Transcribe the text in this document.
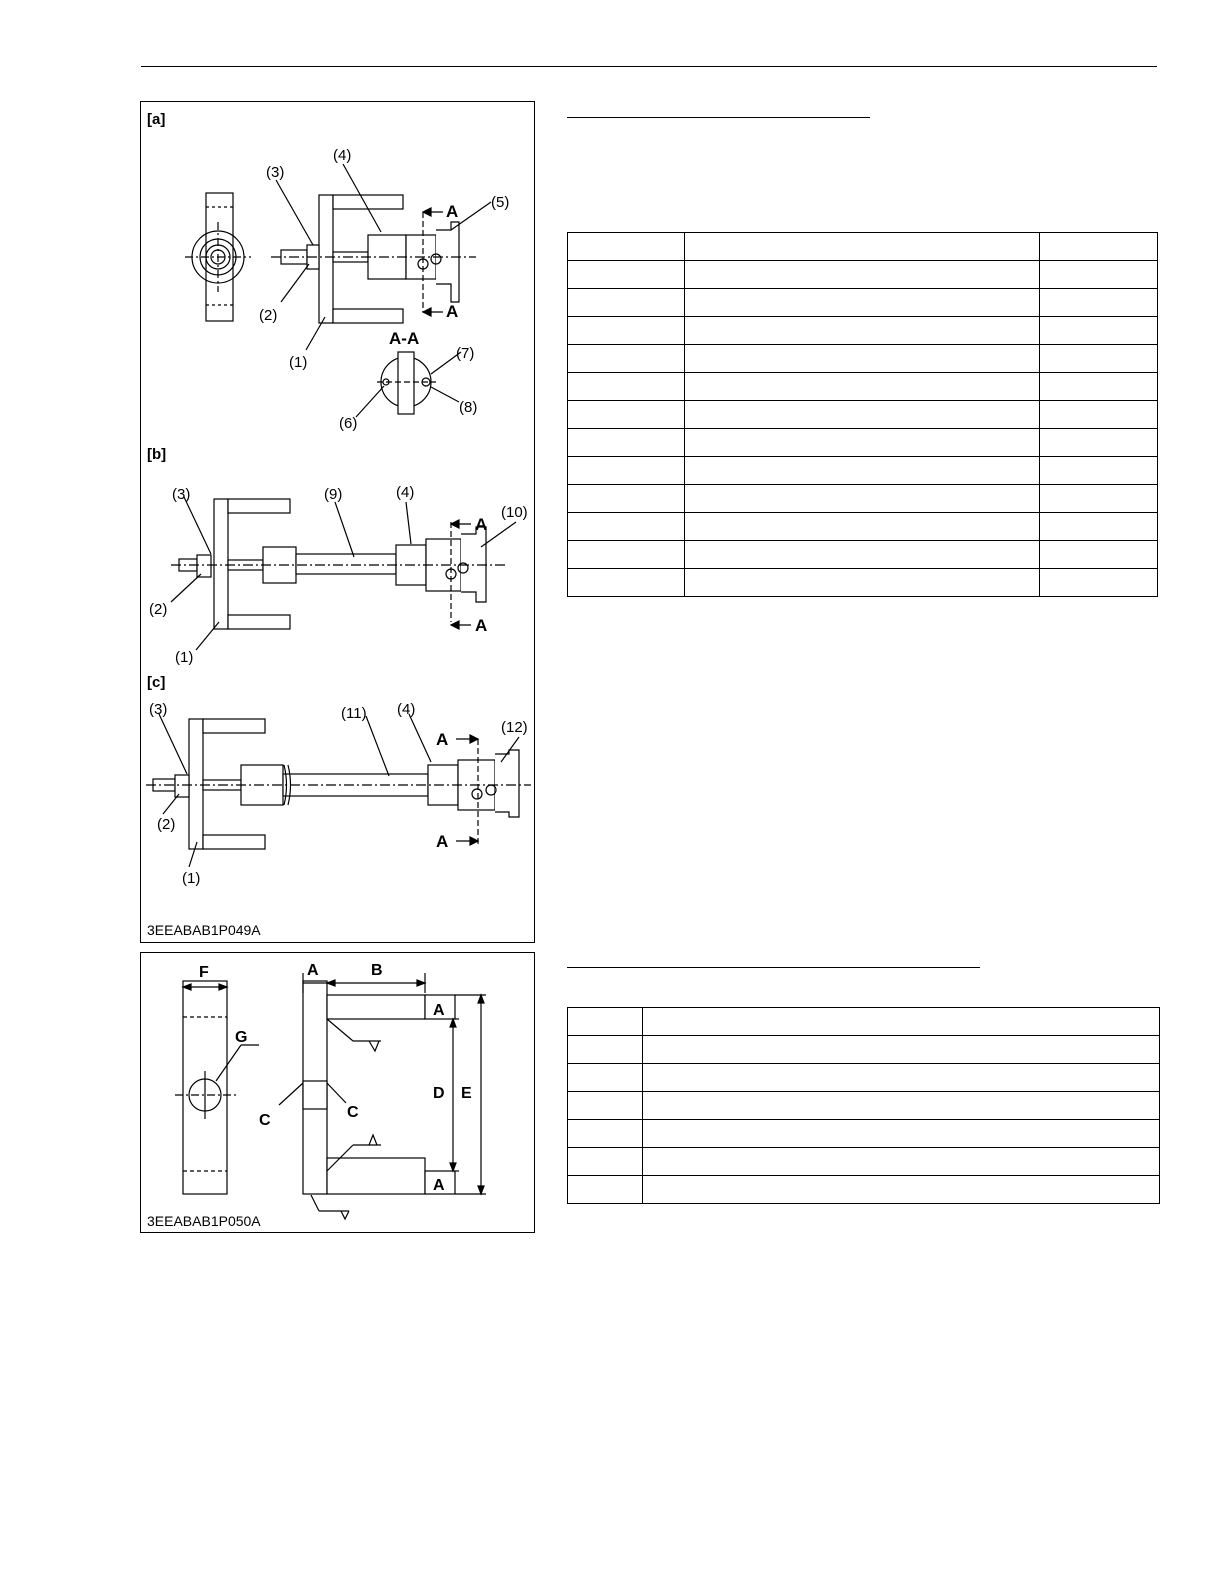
[a]
(1)
(2)
(3)
(4)
(5)
(6)
(7)
(8)
A
A
A-A
[b]
(1)
(2)
(3)	(9)	(4)
(10)
A
A
[c]
(1)
(2)
(3)	(11) (4)
(12)
A
A
3EEABAB1P049A
F
G
A	B
C	C
D E
A
A
3EEABAB1P050A
